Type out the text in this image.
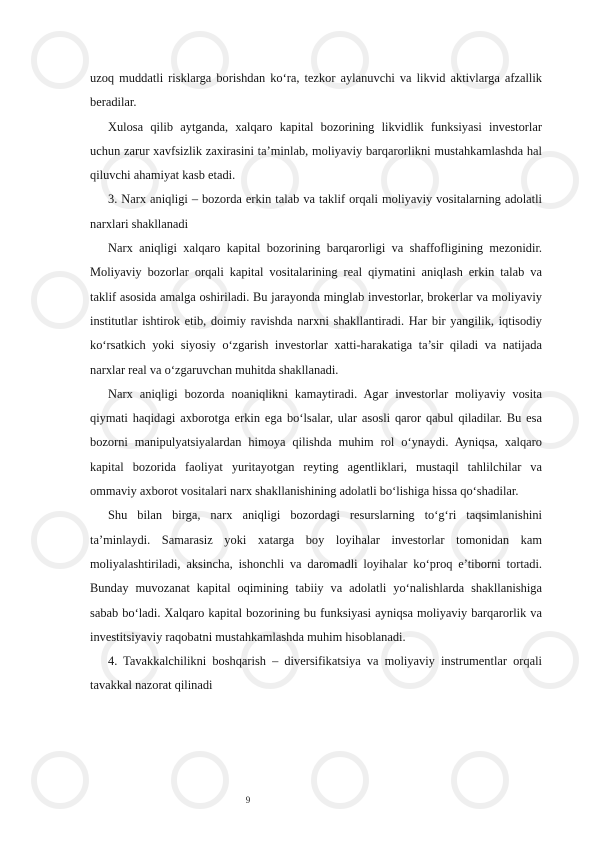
uzoq muddatli risklarga borishdan ko‘ra, tezkor aylanuvchi va likvid aktivlarga afzallik beradilar.

Xulosa qilib aytganda, xalqaro kapital bozorining likvidlik funksiyasi investorlar uchun zarur xavfsizlik zaxirasini ta’minlab, moliyaviy barqarorlikni mustahkamlashda hal qiluvchi ahamiyat kasb etadi.

3. Narx aniqligi – bozorda erkin talab va taklif orqali moliyaviy vositalarning adolatli narxlari shakllanadi

Narx aniqligi xalqaro kapital bozorining barqarorligi va shaffofligining mezonidir. Moliyaviy bozorlar orqali kapital vositalarining real qiymatini aniqlash erkin talab va taklif asosida amalga oshiriladi. Bu jarayonda minglab investorlar, brokerlar va moliyaviy institutlar ishtirok etib, doimiy ravishda narxni shakllantiradi. Har bir yangilik, iqtisodiy ko‘rsatkich yoki siyosiy o‘zgarish investorlar xatti-harakatiga ta’sir qiladi va natijada narxlar real va o‘zgaruvchan muhitda shakllanadi.

Narx aniqligi bozorda noaniqlikni kamaytiradi. Agar investorlar moliyaviy vosita qiymati haqidagi axborotga erkin ega bo‘lsalar, ular asosli qaror qabul qiladilar. Bu esa bozorni manipulyatsiyalardan himoya qilishda muhim rol o‘ynaydi. Ayniqsa, xalqaro kapital bozorida faoliyat yuritayotgan reyting agentliklari, mustaqil tahlilchilar va ommaviy axborot vositalari narx shakllanishining adolatli bo‘lishiga hissa qo‘shadilar.

Shu bilan birga, narx aniqligi bozordagi resurslarning to‘g‘ri taqsimlanishini ta’minlaydi. Samarasiz yoki xatarga boy loyihalar investorlar tomonidan kam moliyalashtiriladi, aksincha, ishonchli va daromadli loyihalar ko‘proq e’tiborni tortadi. Bunday muvozanat kapital oqimining tabiiy va adolatli yo‘nalishlarda shakllanishiga sabab bo‘ladi. Xalqaro kapital bozorining bu funksiyasi ayniqsa moliyaviy barqarorlik va investitsiyaviy raqobatni mustahkamlashda muhim hisoblanadi.

4. Tavakkalchilikni boshqarish – diversifikatsiya va moliyaviy instrumentlar orqali tavakkal nazorat qilinadi

9
